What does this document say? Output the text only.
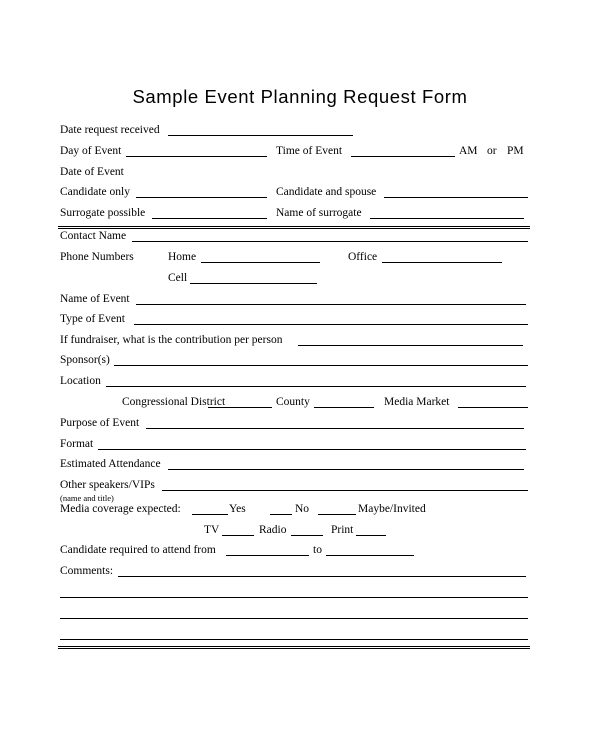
Sample Event Planning Request Form
Date request received
Day of Event	Time of Event	AM or PM
Date of Event
Candidate only	Candidate and spouse
Surrogate possible	Name of surrogate
Contact Name
Phone Numbers	Home	Office
Cell
Name of Event
Type of Event
If fundraiser, what is the contribution per person
Sponsor(s)
Location
Congressional District	County	Media Market
Purpose of Event
Format
Estimated Attendance
Other speakers/VIPs
(name and title)
Media coverage expected:	Yes	No	Maybe/Invited
TV	Radio	Print
Candidate required to attend from	to
Comments:
